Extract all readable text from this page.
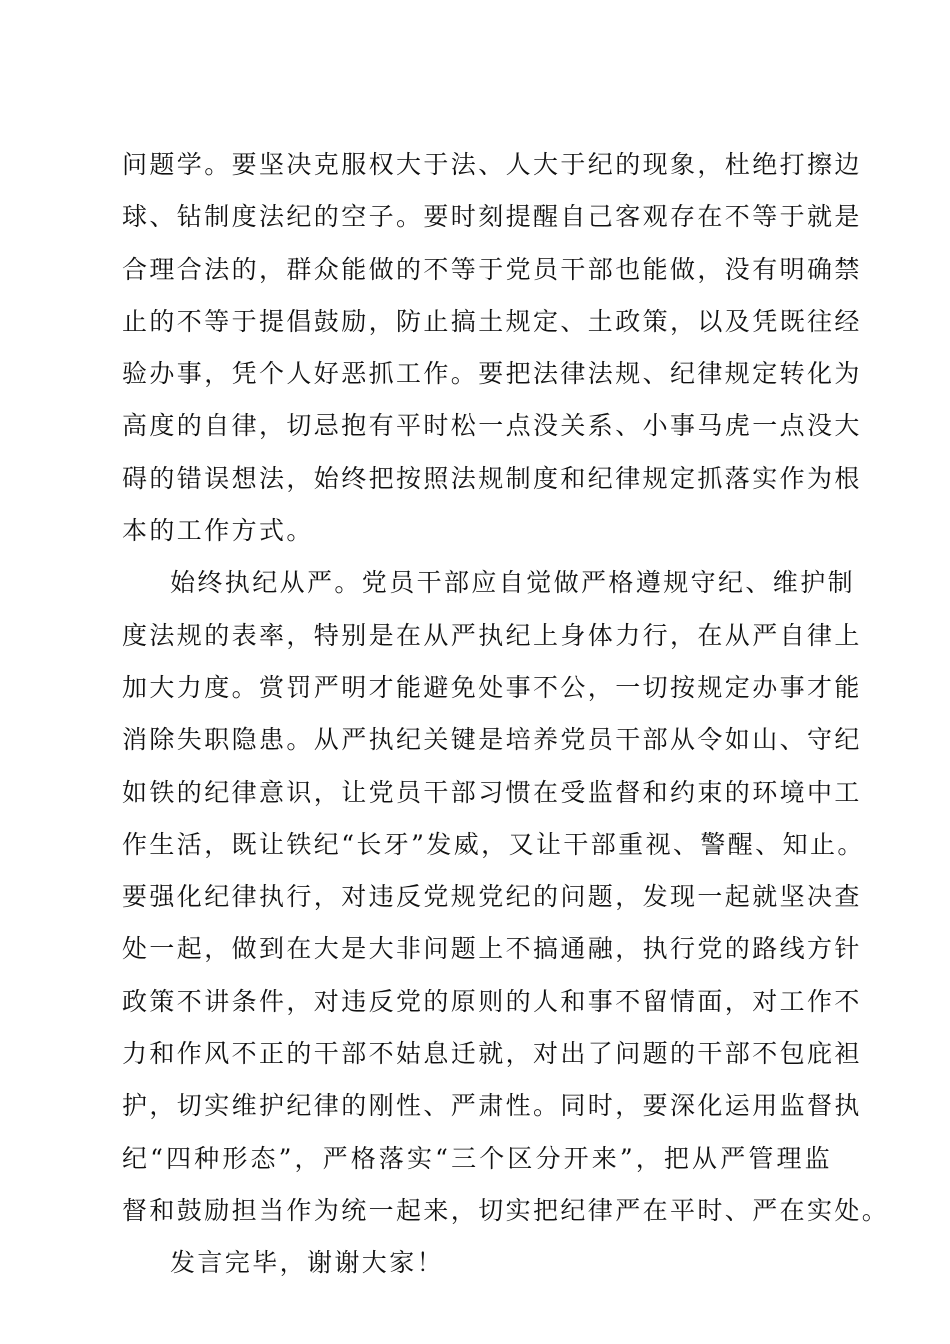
问题学。要坚决克服权大于法、人大于纪的现象，杜绝打擦边
球、钻制度法纪的空子。要时刻提醒自己客观存在不等于就是
合理合法的，群众能做的不等于党员干部也能做，没有明确禁
止的不等于提倡鼓励，防止搞土规定、土政策，以及凭既往经
验办事，凭个人好恶抓工作。要把法律法规、纪律规定转化为
高度的自律，切忌抱有平时松一点没关系、小事马虎一点没大
碍的错误想法，始终把按照法规制度和纪律规定抓落实作为根
本的工作方式。
始终执纪从严。党员干部应自觉做严格遵规守纪、维护制
度法规的表率，特别是在从严执纪上身体力行，在从严自律上
加大力度。赏罚严明才能避免处事不公，一切按规定办事才能
消除失职隐患。从严执纪关键是培养党员干部从令如山、守纪
如铁的纪律意识，让党员干部习惯在受监督和约束的环境中工
作生活，既让铁纪“长牙”发威，又让干部重视、警醒、知止。
要强化纪律执行，对违反党规党纪的问题，发现一起就坚决查
处一起，做到在大是大非问题上不搞通融，执行党的路线方针
政策不讲条件，对违反党的原则的人和事不留情面，对工作不
力和作风不正的干部不姑息迁就，对出了问题的干部不包庇袒
护，切实维护纪律的刚性、严肃性。同时，要深化运用监督执
纪“四种形态”，严格落实“三个区分开来”，把从严管理监
督和鼓励担当作为统一起来，切实把纪律严在平时、严在实处。
发言完毕，谢谢大家！
